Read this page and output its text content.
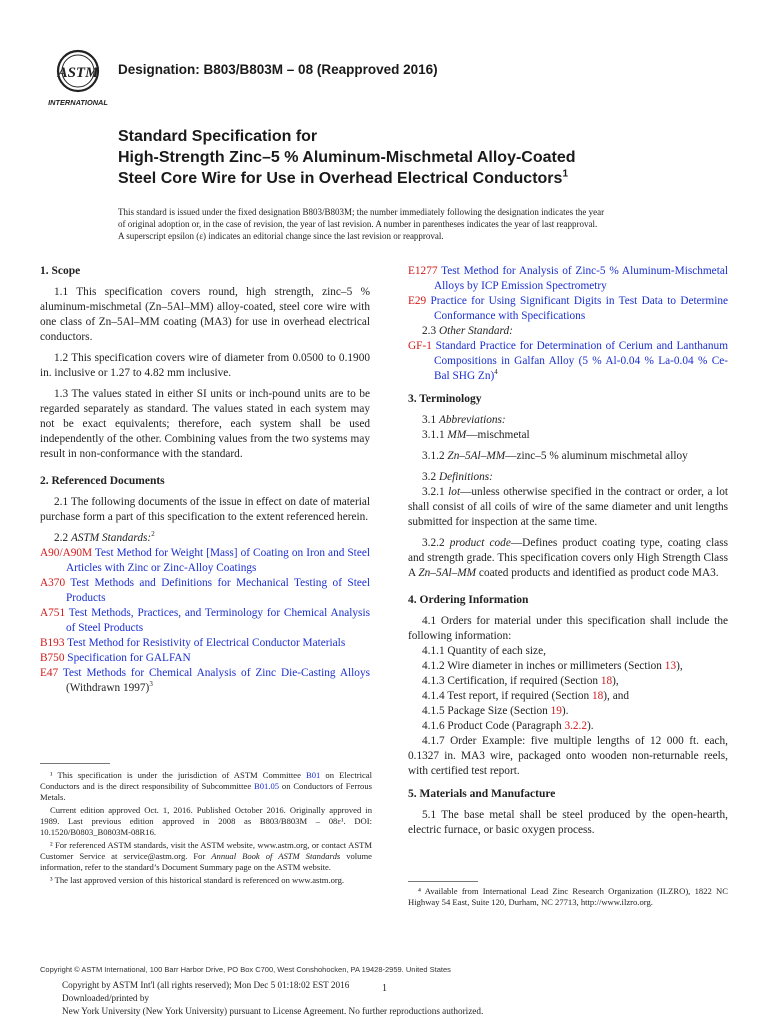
ASTM
INTERNATIONAL
Designation: B803/B803M – 08 (Reapproved 2016)
Standard Specification for
High-Strength Zinc–5 % Aluminum-Mischmetal Alloy-Coated
Steel Core Wire for Use in Overhead Electrical Conductors$^1$
This standard is issued under the fixed designation B803/B803M; the number immediately following the designation indicates the year
of original adoption or, in the case of revision, the year of last revision. A number in parentheses indicates the year of last reapproval.
A superscript epsilon (ε) indicates an editorial change since the last revision or reapproval.
1. Scope

1.1 This specification covers round, high strength, zinc–5 % aluminum-mischmetal (Zn–5Al–MM) alloy-coated, steel core wire with one class of Zn–5Al–MM coating (MA3) for use in overhead electrical conductors.

1.2 This specification covers wire of diameter from 0.0500 to 0.1900 in. inclusive or 1.27 to 4.82 mm inclusive.

1.3 The values stated in either SI units or inch-pound units are to be regarded separately as standard. The values stated in each system may not be exact equivalents; therefore, each system shall be used independently of the other. Combining values from the two systems may result in non-conformance with the standard.

2. Referenced Documents

2.1 The following documents of the issue in effect on date of material purchase form a part of this specification to the extent referenced herein.

2.2 ASTM Standards:$^2$

A90/A90M Test Method for Weight [Mass] of Coating on Iron and Steel Articles with Zinc or Zinc-Alloy Coatings

A370 Test Methods and Definitions for Mechanical Testing of Steel Products

A751 Test Methods, Practices, and Terminology for Chemical Analysis of Steel Products

B193 Test Method for Resistivity of Electrical Conductor Materials

B750 Specification for GALFAN

E47 Test Methods for Chemical Analysis of Zinc Die-Casting Alloys (Withdrawn 1997)$^3$

E1277 Test Method for Analysis of Zinc-5 % Aluminum-Mischmetal Alloys by ICP Emission Spectrometry

E29 Practice for Using Significant Digits in Test Data to Determine Conformance with Specifications

2.3 Other Standard:

GF-1 Standard Practice for Determination of Cerium and Lanthanum Compositions in Galfan Alloy (5 % Al-0.04 % La-0.04 % Ce-Bal SHG Zn)$^4$

3. Terminology

3.1 Abbreviations:

3.1.1 MM—mischmetal

3.1.2 Zn–5Al–MM—zinc–5 % aluminum mischmetal alloy

3.2 Definitions:

3.2.1 lot—unless otherwise specified in the contract or order, a lot shall consist of all coils of wire of the same diameter and unit lengths submitted for inspection at the same time.

3.2.2 product code—Defines product coating type, coating class and strength grade. This specification covers only High Strength Class A Zn–5Al–MM coated products and identified as product code MA3.

4. Ordering Information

4.1 Orders for material under this specification shall include the following information:

4.1.1 Quantity of each size,

4.1.2 Wire diameter in inches or millimeters (Section 13),

4.1.3 Certification, if required (Section 18),

4.1.4 Test report, if required (Section 18), and

4.1.5 Package Size (Section 19).

4.1.6 Product Code (Paragraph 3.2.2).

4.1.7 Order Example: five multiple lengths of 12 000 ft. each, 0.1327 in. MA3 wire, packaged onto wooden non-returnable reels, with certified test report.

5. Materials and Manufacture

5.1 The base metal shall be steel produced by the open-hearth, electric furnace, or basic oxygen process.

¹ This specification is under the jurisdiction of ASTM Committee B01 on Electrical Conductors and is the direct responsibility of Subcommittee B01.05 on Conductors of Ferrous Metals.

Current edition approved Oct. 1, 2016. Published October 2016. Originally approved in 1989. Last previous edition approved in 2008 as B803/B803M – 08ε¹. DOI: 10.1520/B0803_B0803M-08R16.

² For referenced ASTM standards, visit the ASTM website, www.astm.org, or contact ASTM Customer Service at service@astm.org. For Annual Book of ASTM Standards volume information, refer to the standard’s Document Summary page on the ASTM website.

³ The last approved version of this historical standard is referenced on www.astm.org.

⁴ Available from International Lead Zinc Research Organization (ILZRO), 1822 NC Highway 54 East, Suite 120, Durham, NC 27713, http://www.ilzro.org.

Copyright © ASTM International, 100 Barr Harbor Drive, PO Box C700, West Conshohocken, PA 19428-2959. United States
Copyright by ASTM Int'l (all rights reserved); Mon Dec 5 01:18:02 EST 2016
Downloaded/printed by
New York University (New York University) pursuant to License Agreement. No further reproductions authorized.
1
